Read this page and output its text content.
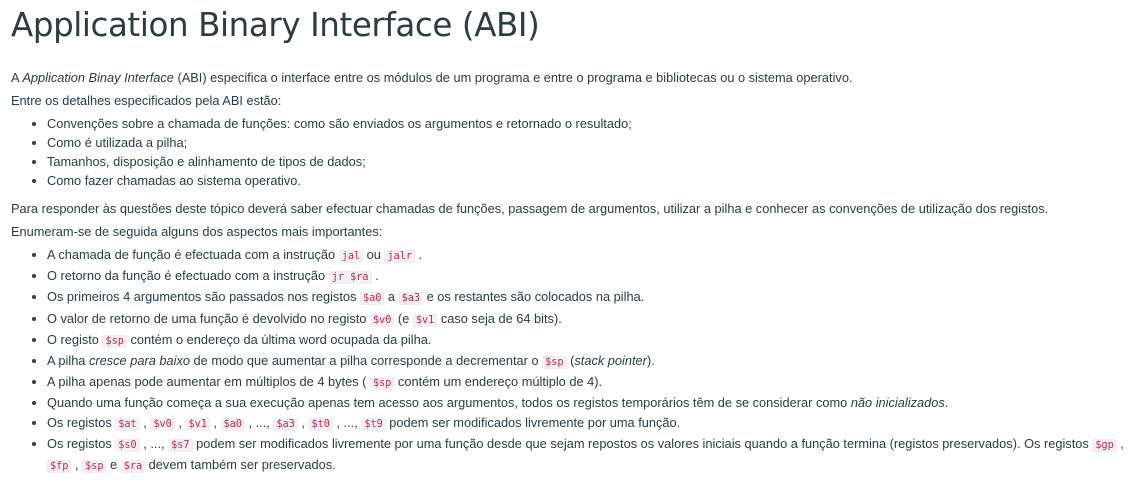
Application Binary Interface (ABI)

A Application Binay Interface (ABI) especifica o interface entre os módulos de um programa e entre o programa e bibliotecas ou o sistema operativo.

Entre os detalhes especificados pela ABI estão:

• Convenções sobre a chamada de funções: como são enviados os argumentos e retornado o resultado;
• Como é utilizada a pilha;
• Tamanhos, disposição e alinhamento de tipos de dados;
• Como fazer chamadas ao sistema operativo.

Para responder às questões deste tópico deverá saber efectuar chamadas de funções, passagem de argumentos, utilizar a pilha e conhecer as convenções de utilização dos registos.

Enumeram-se de seguida alguns dos aspectos mais importantes:

• A chamada de função é efectuada com a instrução jal ou jalr .
• O retorno da função é efectuado com a instrução jr $ra .
• Os primeiros 4 argumentos são passados nos registos $a0 a $a3 e os restantes são colocados na pilha.
• O valor de retorno de uma função é devolvido no registo $v0 (e $v1 caso seja de 64 bits).
• O registo $sp contém o endereço da última word ocupada da pilha.
• A pilha cresce para baixo de modo que aumentar a pilha corresponde a decrementar o $sp (stack pointer).
• A pilha apenas pode aumentar em múltiplos de 4 bytes ( $sp contém um endereço múltiplo de 4).
• Quando uma função começa a sua execução apenas tem acesso aos argumentos, todos os registos temporários têm de se considerar como não inicializados.
• Os registos $at , $v0 , $v1 , $a0 , ..., $a3 , $t0 , ..., $t9 podem ser modificados livremente por uma função.
• Os registos $s0 , ..., $s7 podem ser modificados livremente por uma função desde que sejam repostos os valores iniciais quando a função termina (registos preservados). Os registos $gp , $fp , $sp e $ra devem também ser preservados.
